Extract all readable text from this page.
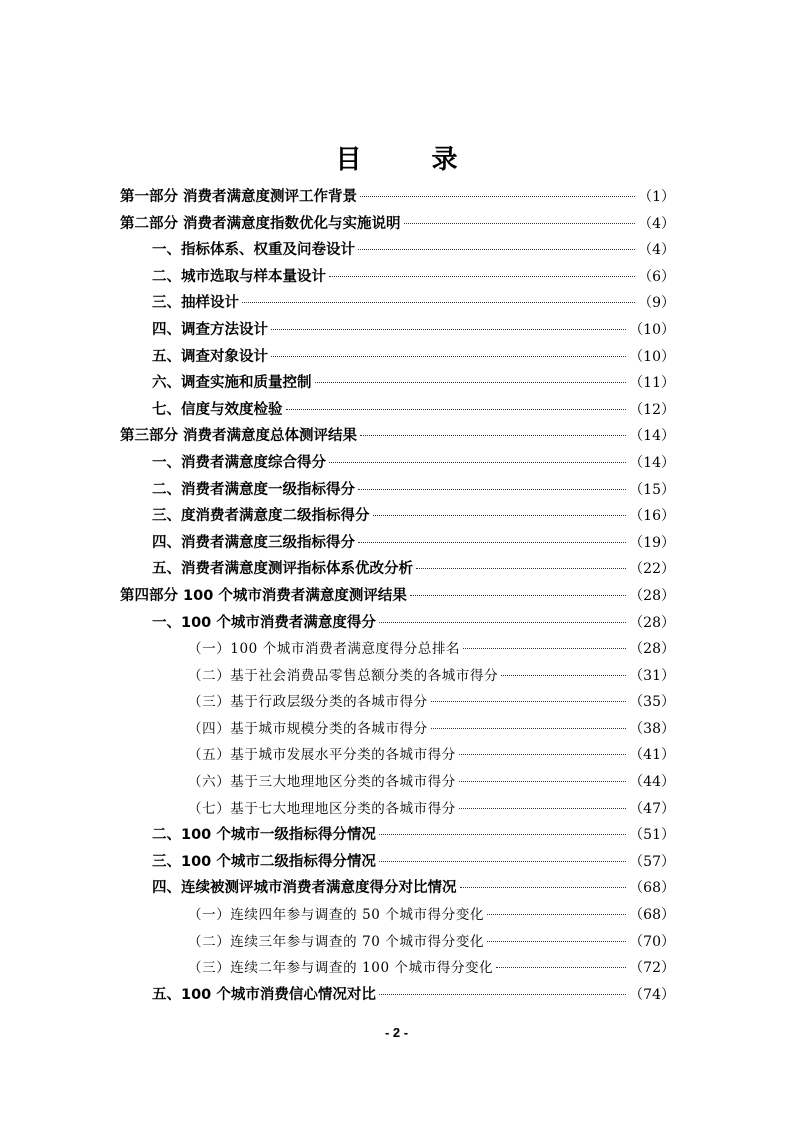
目　录
第一部分 消费者满意度测评工作背景	（1）
第二部分 消费者满意度指数优化与实施说明	（4）
一、指标体系、权重及问卷设计	（4）
二、城市选取与样本量设计	（6）
三、抽样设计	（9）
四、调查方法设计	（10）
五、调查对象设计	（10）
六、调查实施和质量控制	（11）
七、信度与效度检验	（12）
第三部分 消费者满意度总体测评结果	（14）
一、消费者满意度综合得分	（14）
二、消费者满意度一级指标得分	（15）
三、度消费者满意度二级指标得分	（16）
四、消费者满意度三级指标得分	（19）
五、消费者满意度测评指标体系优改分析	（22）
第四部分 100 个城市消费者满意度测评结果	（28）
一、100 个城市消费者满意度得分	（28）
（一）100 个城市消费者满意度得分总排名	（28）
（二）基于社会消费品零售总额分类的各城市得分	（31）
（三）基于行政层级分类的各城市得分	（35）
（四）基于城市规模分类的各城市得分	（38）
（五）基于城市发展水平分类的各城市得分	（41）
（六）基于三大地理地区分类的各城市得分	（44）
（七）基于七大地理地区分类的各城市得分	（47）
二、100 个城市一级指标得分情况	（51）
三、100 个城市二级指标得分情况	（57）
四、连续被测评城市消费者满意度得分对比情况	（68）
（一）连续四年参与调查的 50 个城市得分变化	（68）
（二）连续三年参与调查的 70 个城市得分变化	（70）
（三）连续二年参与调查的 100 个城市得分变化	（72）
五、100 个城市消费信心情况对比	（74）
- 2 -
